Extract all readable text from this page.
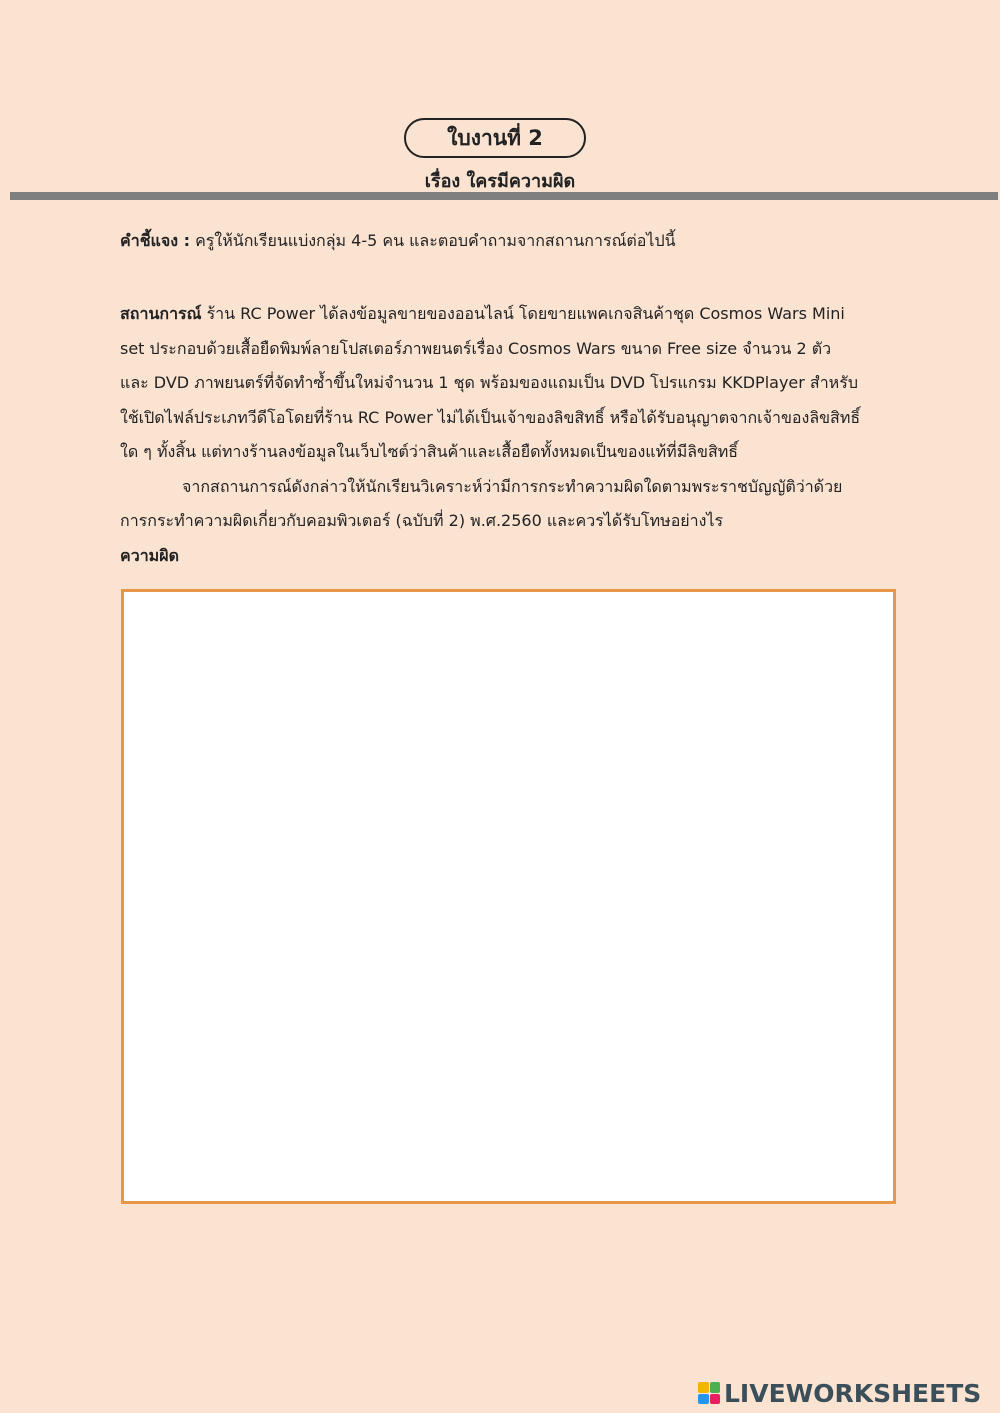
ใบงานที่ 2
เรื่อง ใครมีความผิด
คำชี้แจง : ครูให้นักเรียนแบ่งกลุ่ม 4-5 คน และตอบคำถามจากสถานการณ์ต่อไปนี้
สถานการณ์ ร้าน RC Power ได้ลงข้อมูลขายของออนไลน์ โดยขายแพคเกจสินค้าชุด Cosmos Wars Mini
set ประกอบด้วยเสื้อยืดพิมพ์ลายโปสเตอร์ภาพยนตร์เรื่อง Cosmos Wars ขนาด Free size จำนวน 2 ตัว
และ DVD ภาพยนตร์ที่จัดทำซ้ำขึ้นใหม่จำนวน 1 ชุด พร้อมของแถมเป็น DVD โปรแกรม KKDPlayer สำหรับ
ใช้เปิดไฟล์ประเภทวีดีโอโดยที่ร้าน RC Power ไม่ได้เป็นเจ้าของลิขสิทธิ์ หรือได้รับอนุญาตจากเจ้าของลิขสิทธิ์
ใด ๆ ทั้งสิ้น แต่ทางร้านลงข้อมูลในเว็บไซต์ว่าสินค้าและเสื้อยืดทั้งหมดเป็นของแท้ที่มีลิขสิทธิ์
จากสถานการณ์ดังกล่าวให้นักเรียนวิเคราะห์ว่ามีการกระทำความผิดใดตามพระราชบัญญัติว่าด้วย
การกระทำความผิดเกี่ยวกับคอมพิวเตอร์ (ฉบับที่ 2) พ.ศ.2560 และควรได้รับโทษอย่างไร
ความผิด
LIVEWORKSHEETS
